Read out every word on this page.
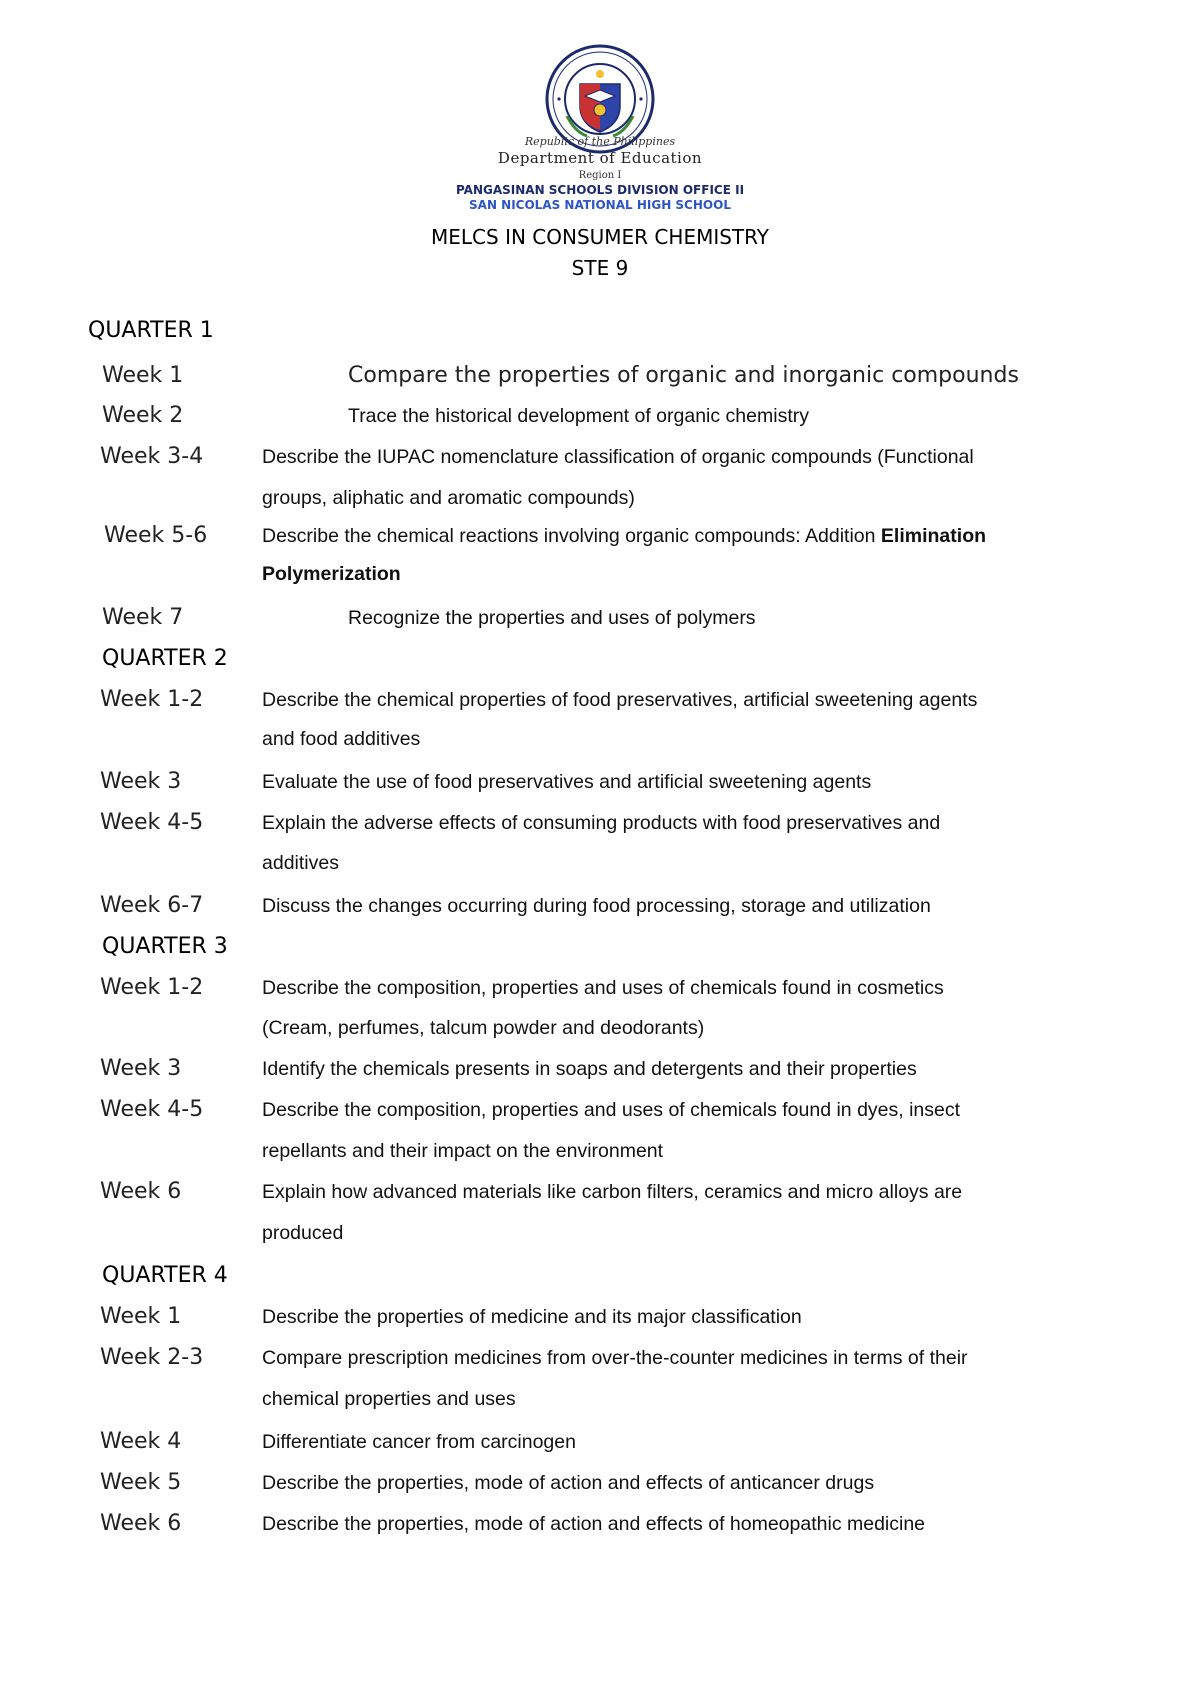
Republic of the Philippines
Department of Education
Region I
PANGASINAN SCHOOLS DIVISION OFFICE II
SAN NICOLAS NATIONAL HIGH SCHOOL
MELCS IN CONSUMER CHEMISTRY
STE 9
QUARTER 1
Week 1	Compare the properties of organic and inorganic compounds
Week 2	Trace the historical development of organic chemistry
Week 3-4	Describe the IUPAC nomenclature classification of organic compounds (Functional
groups, aliphatic and aromatic compounds)
Week 5-6	Describe the chemical reactions involving organic compounds: Addition Elimination
Polymerization
Week 7	Recognize the properties and uses of polymers
QUARTER 2
Week 1-2	Describe the chemical properties of food preservatives, artificial sweetening agents
and food additives
Week 3	Evaluate the use of food preservatives and artificial sweetening agents
Week 4-5	Explain the adverse effects of consuming products with food preservatives and
additives
Week 6-7	Discuss the changes occurring during food processing, storage and utilization
QUARTER 3
Week 1-2	Describe the composition, properties and uses of chemicals found in cosmetics
(Cream, perfumes, talcum powder and deodorants)
Week 3	Identify the chemicals presents in soaps and detergents and their properties
Week 4-5	Describe the composition, properties and uses of chemicals found in dyes, insect
repellants and their impact on the environment
Week 6	Explain how advanced materials like carbon filters, ceramics and micro alloys are
produced
QUARTER 4
Week 1	Describe the properties of medicine and its major classification
Week 2-3	Compare prescription medicines from over-the-counter medicines in terms of their
chemical properties and uses
Week 4	Differentiate cancer from carcinogen
Week 5	Describe the properties, mode of action and effects of anticancer drugs
Week 6	Describe the properties, mode of action and effects of homeopathic medicine
